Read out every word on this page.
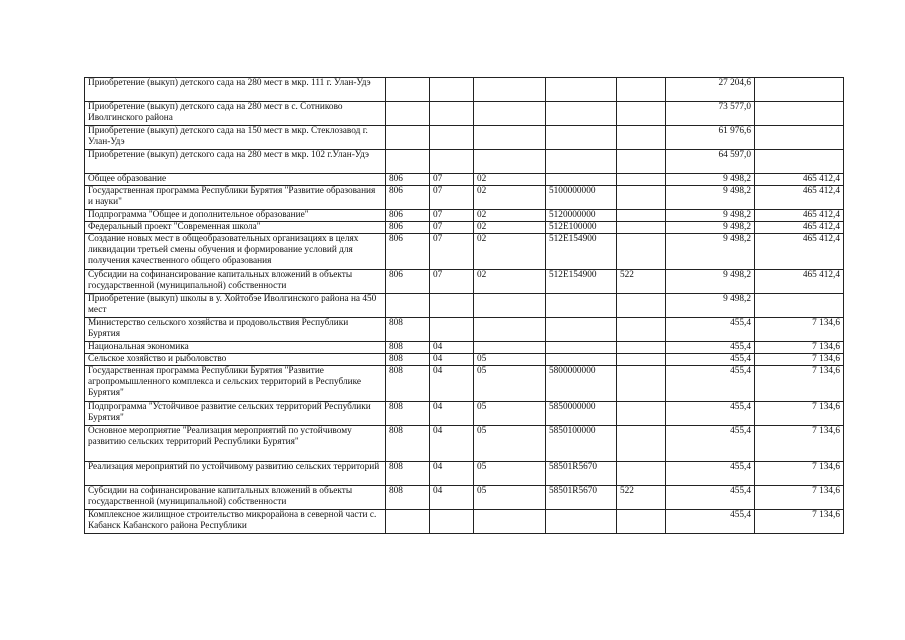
Приобретение (выкуп) детского сада на 280 мест в мкр. 111 г. Улан-Удэ						27 204,6	
Приобретение (выкуп) детского сада на 280 мест в с. Сотниково Иволгинского района						73 577,0	
Приобретение (выкуп) детского сада на 150 мест в мкр. Стеклозавод г. Улан-Удэ						61 976,6	
Приобретение (выкуп) детского сада на 280 мест в мкр. 102 г.Улан-Удэ						64 597,0	
Общее образование	806	07	02			9 498,2	465 412,4
Государственная программа Республики Бурятия "Развитие образования и науки"	806	07	02	5100000000		9 498,2	465 412,4
Подпрограмма "Общее и дополнительное образование"	806	07	02	5120000000		9 498,2	465 412,4
Федеральный проект "Современная школа"	806	07	02	512E100000		9 498,2	465 412,4
Создание новых мест в общеобразовательных организациях в целях ликвидации третьей смены обучения и формирование условий для получения качественного общего образования	806	07	02	512E154900		9 498,2	465 412,4
Субсидии на софинансирование капитальных вложений в объекты государственной (муниципальной) собственности	806	07	02	512E154900	522	9 498,2	465 412,4
Приобретение (выкуп) школы в у. Хойтобэе Иволгинского района на 450 мест						9 498,2	
Министерство сельского хозяйства и продовольствия Республики Бурятия	808					455,4	7 134,6
Национальная экономика	808	04				455,4	7 134,6
Сельское хозяйство и рыболовство	808	04	05			455,4	7 134,6
Государственная программа Республики Бурятия "Развитие агропромышленного комплекса и сельских территорий в Республике Бурятия"	808	04	05	5800000000		455,4	7 134,6
Подпрограмма "Устойчивое развитие сельских территорий Республики Бурятия"	808	04	05	5850000000		455,4	7 134,6
Основное мероприятие "Реализация мероприятий по устойчивому развитию сельских территорий Республики Бурятия"	808	04	05	5850100000		455,4	7 134,6
Реализация мероприятий по устойчивому развитию сельских территорий	808	04	05	58501R5670		455,4	7 134,6
Субсидии на софинансирование капитальных вложений в объекты государственной (муниципальной) собственности	808	04	05	58501R5670	522	455,4	7 134,6
Комплексное жилищное строительство микрорайона в северной части с. Кабанск Кабанского района Республики						455,4	7 134,6
